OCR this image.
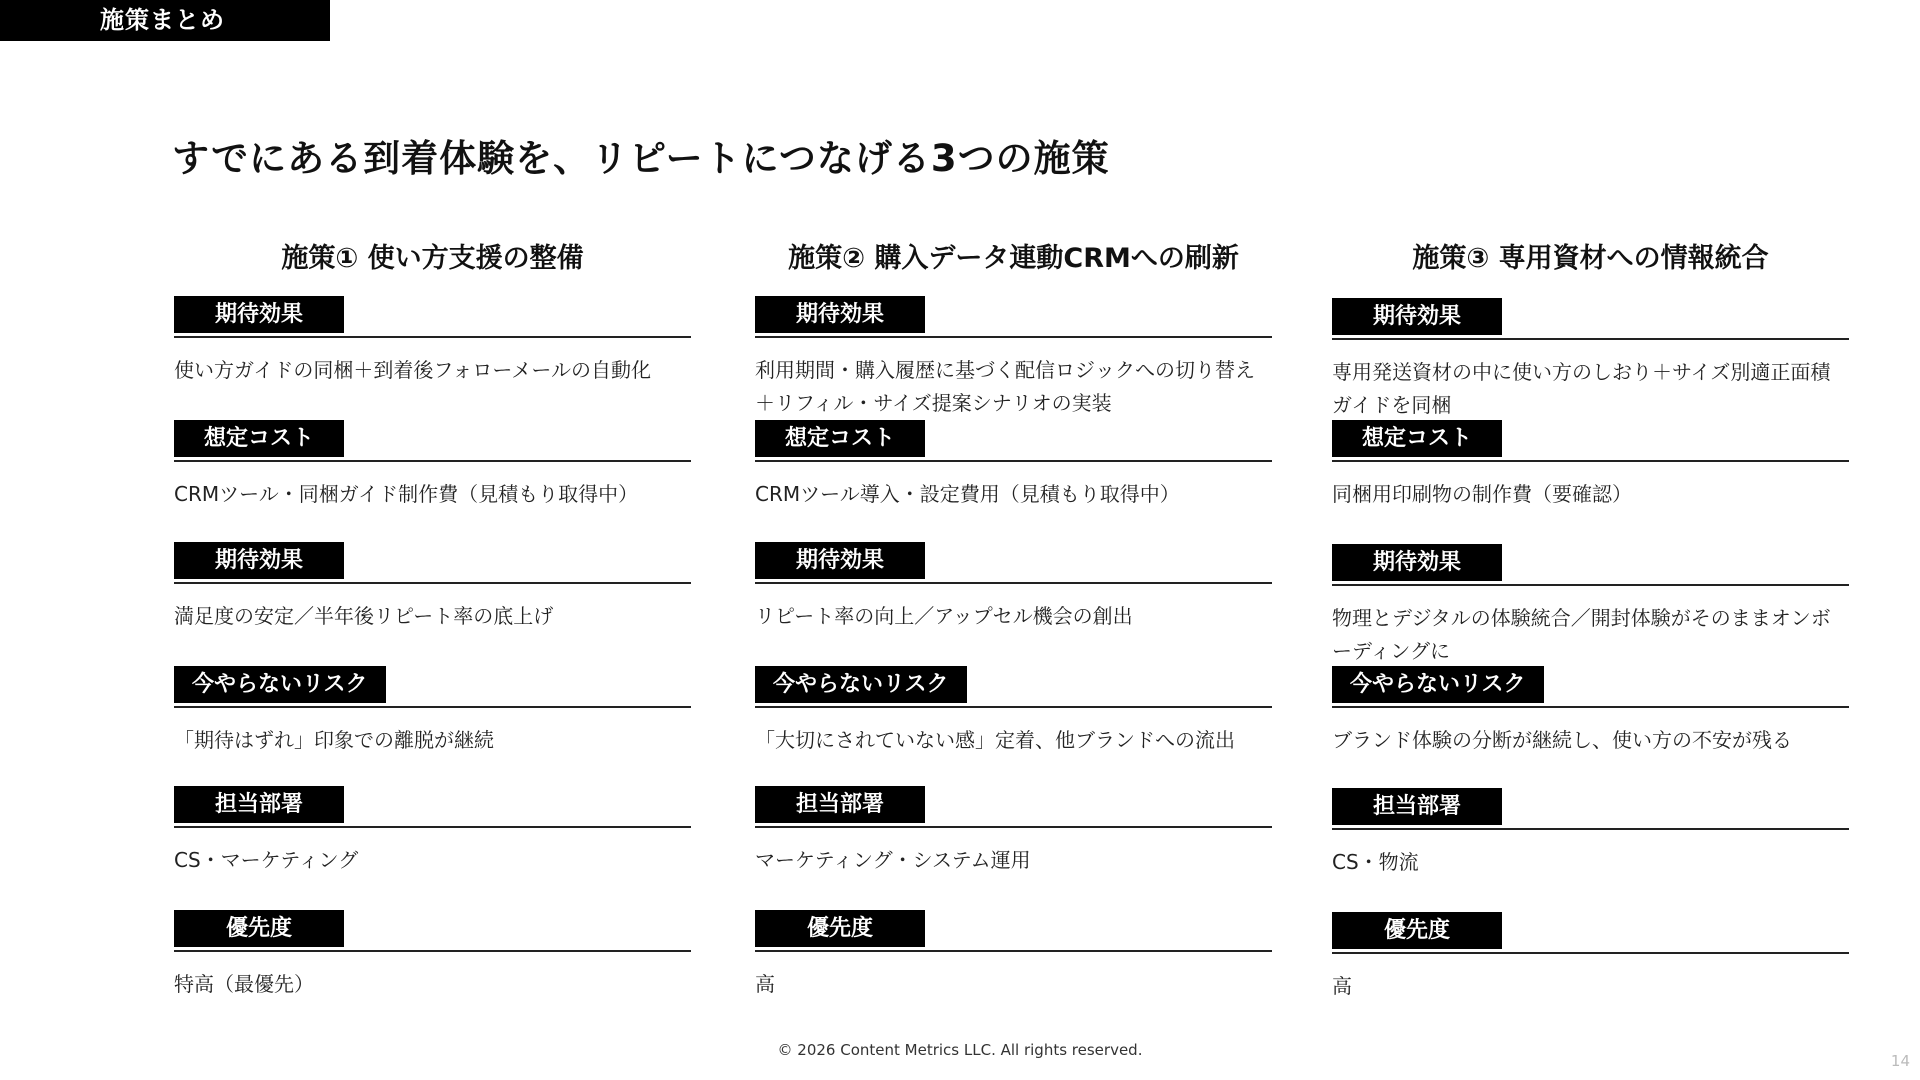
施策まとめ
すでにある到着体験を、リピートにつなげる3つの施策
施策① 使い方支援の整備
期待効果
使い方ガイドの同梱＋到着後フォローメールの自動化
想定コスト
CRMツール・同梱ガイド制作費（見積もり取得中）
期待効果
満足度の安定／半年後リピート率の底上げ
今やらないリスク
「期待はずれ」印象での離脱が継続
担当部署
CS・マーケティング
優先度
特高（最優先）
施策② 購入データ連動CRMへの刷新
期待効果
利用期間・購入履歴に基づく配信ロジックへの切り替え＋リフィル・サイズ提案シナリオの実装
想定コスト
CRMツール導入・設定費用（見積もり取得中）
期待効果
リピート率の向上／アップセル機会の創出
今やらないリスク
「大切にされていない感」定着、他ブランドへの流出
担当部署
マーケティング・システム運用
優先度
高
施策③ 専用資材への情報統合
期待効果
専用発送資材の中に使い方のしおり＋サイズ別適正面積ガイドを同梱
想定コスト
同梱用印刷物の制作費（要確認）
期待効果
物理とデジタルの体験統合／開封体験がそのままオンボーディングに
今やらないリスク
ブランド体験の分断が継続し、使い方の不安が残る
担当部署
CS・物流
優先度
高
© 2026 Content Metrics LLC. All rights reserved.
14
